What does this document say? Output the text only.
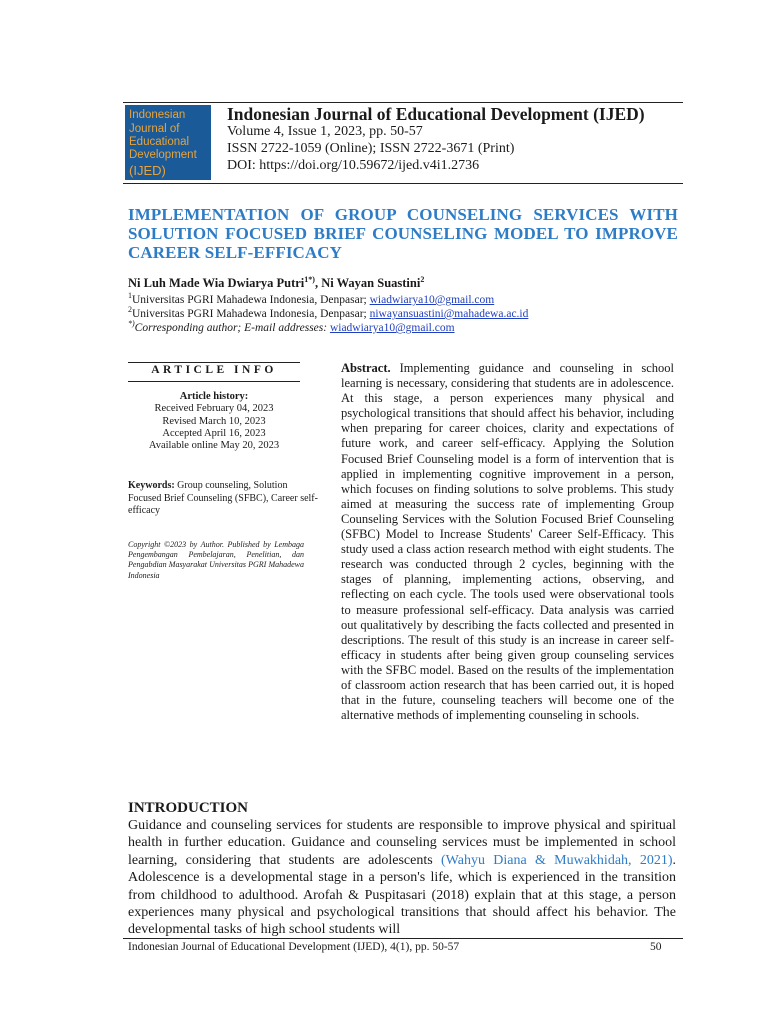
Indonesian
Journal of
Educational
Development
(IJED)
Indonesian Journal of Educational Development (IJED)
Volume 4, Issue 1, 2023, pp. 50-57
ISSN 2722-1059 (Online); ISSN 2722-3671 (Print)
DOI: https://doi.org/10.59672/ijed.v4i1.2736
IMPLEMENTATION OF GROUP COUNSELING SERVICES WITH SOLUTION FOCUSED BRIEF COUNSELING MODEL TO IMPROVE CAREER SELF-EFFICACY
Ni Luh Made Wia Dwiarya Putri$^{1*)}$, Ni Wayan Suastini$^2$
$^1$Universitas PGRI Mahadewa Indonesia, Denpasar; wiadwiarya10@gmail.com
$^2$Universitas PGRI Mahadewa Indonesia, Denpasar; niwayansuastini@mahadewa.ac.id
*)Corresponding author; E-mail addresses: wiadwiarya10@gmail.com
ARTICLE INFO
Article history:
Received February 04, 2023
Revised March 10, 2023
Accepted April 16, 2023
Available online May 20, 2023
Keywords: Group counseling, Solution Focused Brief Counseling (SFBC), Career self-efficacy
Copyright ©2023 by Author. Published by Lembaga Pengembangan Pembelajaran, Penelitian, dan Pengabdian Masyarakat Universitas PGRI Mahadewa Indonesia
Abstract. Implementing guidance and counseling in school learning is necessary, considering that students are in adolescence. At this stage, a person experiences many physical and psychological transitions that should affect his behavior, including when preparing for career choices, clarity and expectations of future work, and career self-efficacy. Applying the Solution Focused Brief Counseling model is a form of intervention that is applied in implementing cognitive improvement in a person, which focuses on finding solutions to solve problems. This study aimed at measuring the success rate of implementing Group Counseling Services with the Solution Focused Brief Counseling (SFBC) Model to Increase Students' Career Self-Efficacy. This study used a class action research method with eight students. The research was conducted through 2 cycles, beginning with the stages of planning, implementing actions, observing, and reflecting on each cycle. The tools used were observational tools to measure professional self-efficacy. Data analysis was carried out qualitatively by describing the facts collected and presented in descriptions. The result of this study is an increase in career self-efficacy in students after being given group counseling services with the SFBC model. Based on the results of the implementation of classroom action research that has been carried out, it is hoped that in the future, counseling teachers will become one of the alternative methods of implementing counseling in schools.
INTRODUCTION
Guidance and counseling services for students are responsible to improve physical and spiritual health in further education. Guidance and counseling services must be implemented in school learning, considering that students are adolescents (Wahyu Diana & Muwakhidah, 2021). Adolescence is a developmental stage in a person's life, which is experienced in the transition from childhood to adulthood. Arofah & Puspitasari (2018) explain that at this stage, a person experiences many physical and psychological transitions that should affect his behavior. The developmental tasks of high school students will
Indonesian Journal of Educational Development (IJED), 4(1), pp. 50-57	50
